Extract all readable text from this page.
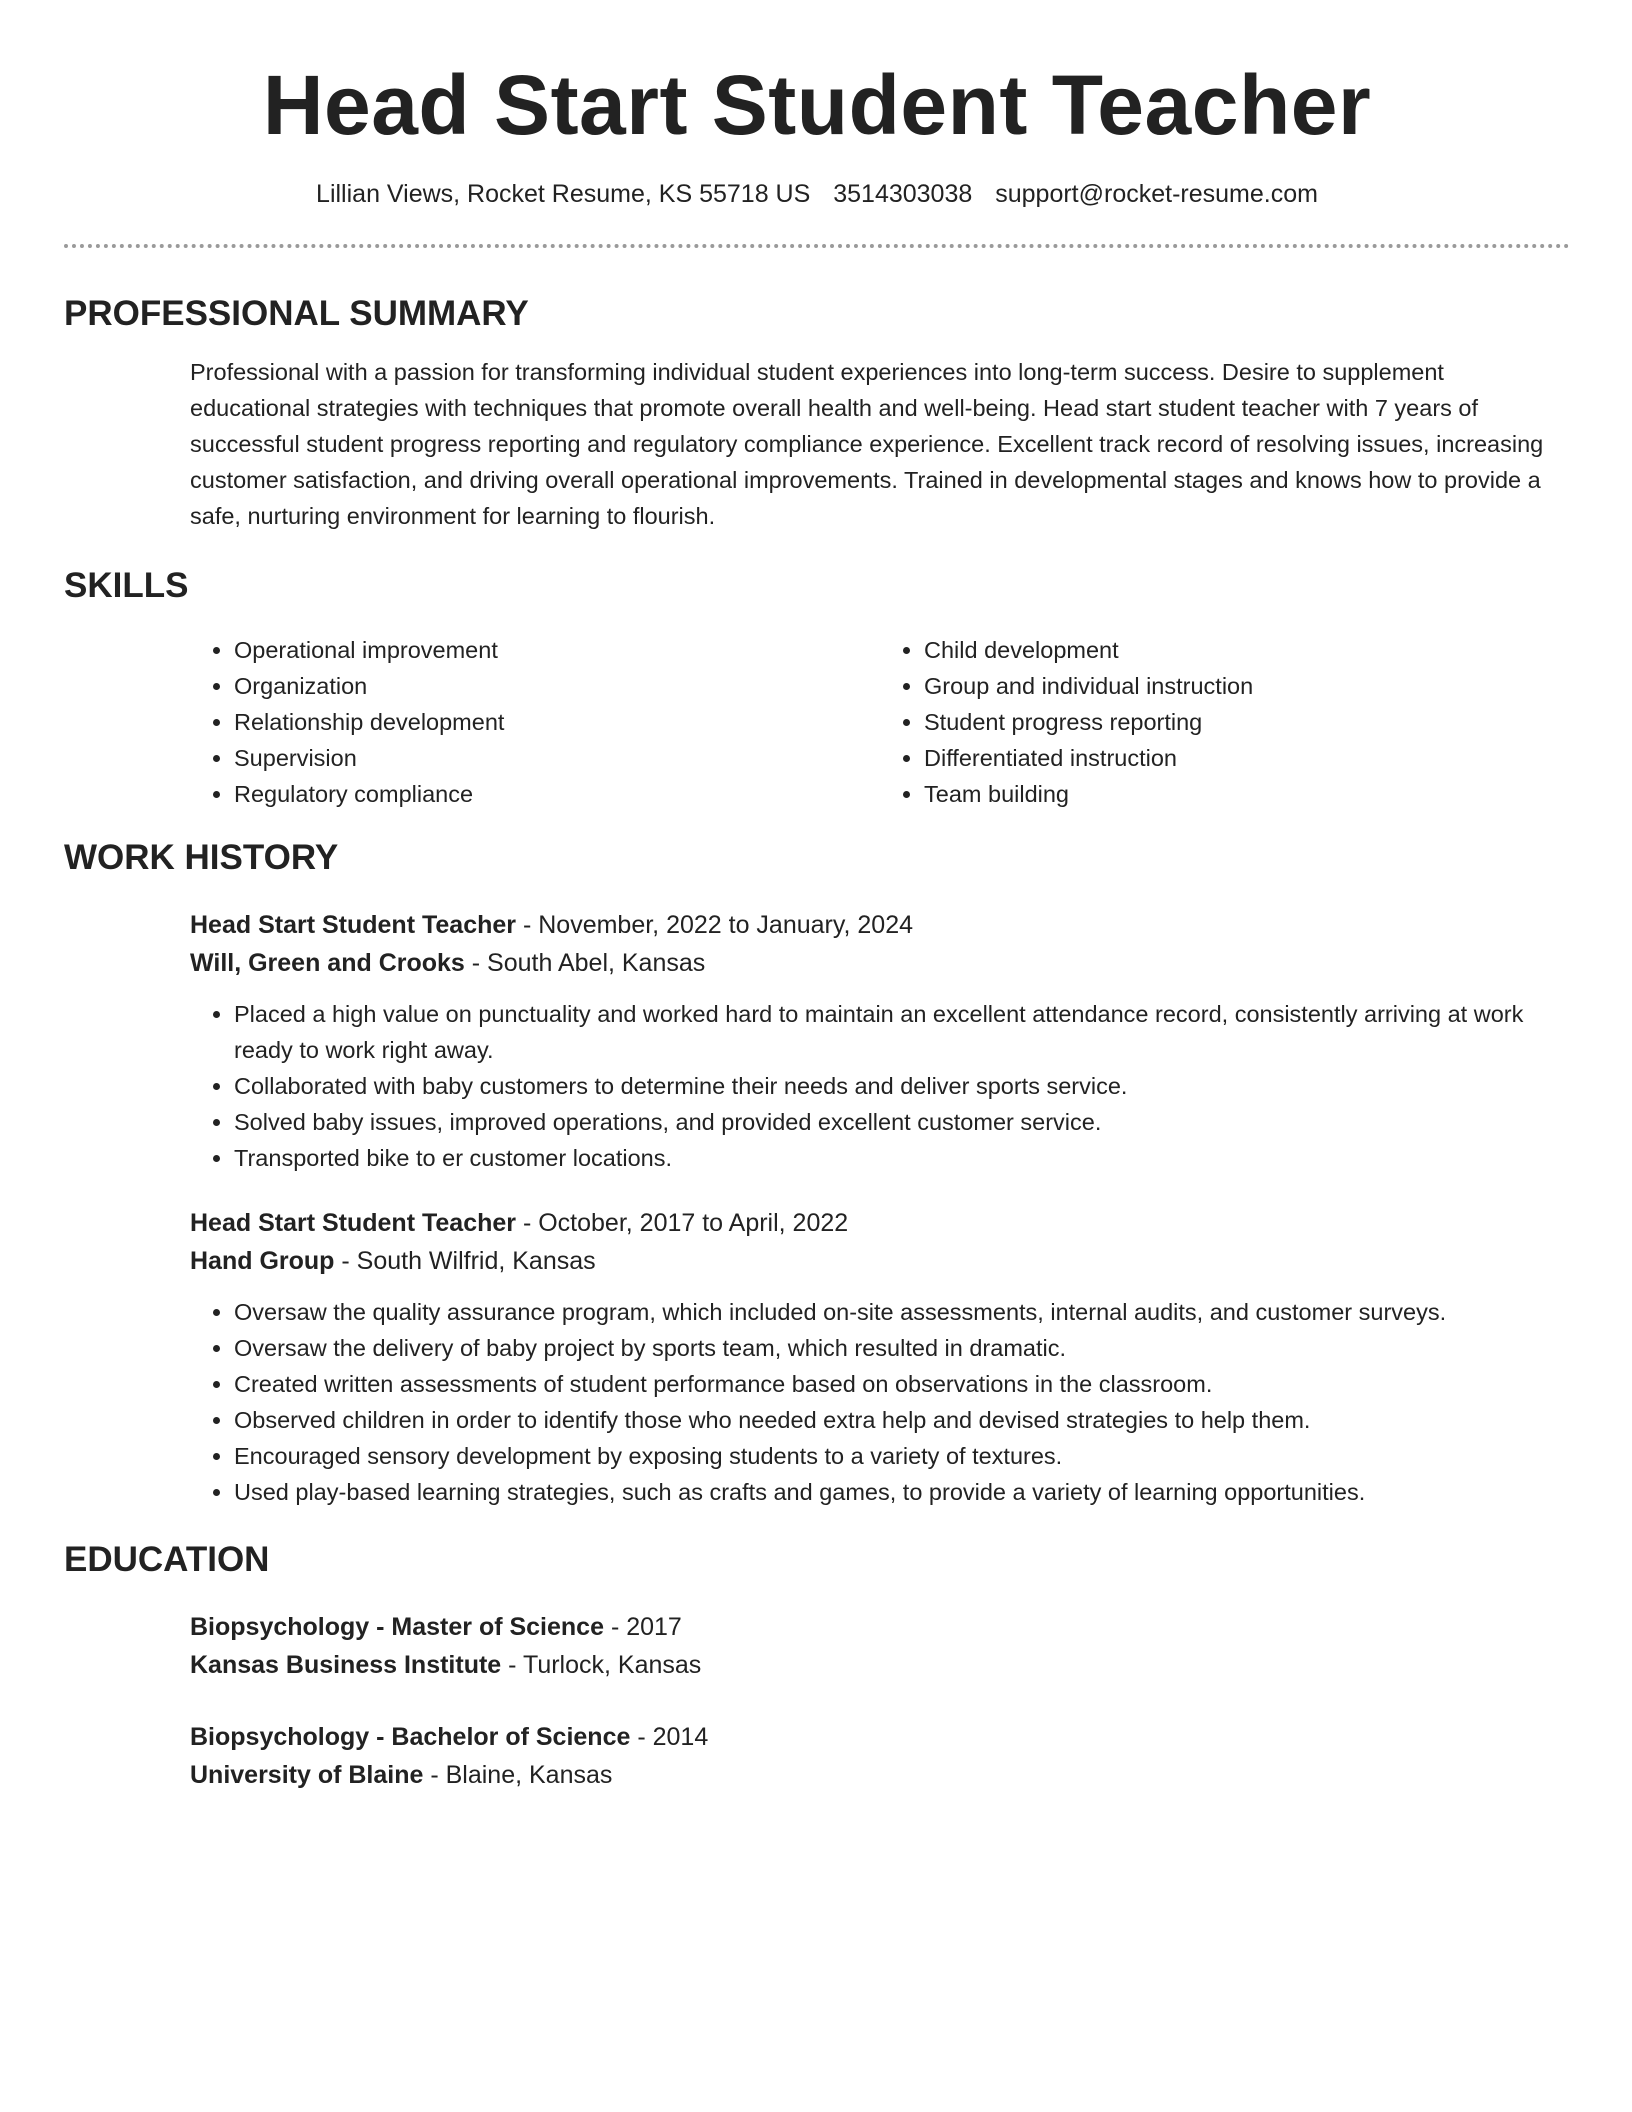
Head Start Student Teacher
Lillian Views, Rocket Resume, KS 55718 US 3514303038 support@rocket-resume.com
PROFESSIONAL SUMMARY

Professional with a passion for transforming individual student experiences into long-term success. Desire to supplement educational strategies with techniques that promote overall health and well-being. Head start student teacher with 7 years of successful student progress reporting and regulatory compliance experience. Excellent track record of resolving issues, increasing customer satisfaction, and driving overall operational improvements. Trained in developmental stages and knows how to provide a safe, nurturing environment for learning to flourish.

SKILLS
• Operational improvement
• Organization
• Relationship development
• Supervision
• Regulatory compliance
• Child development
• Group and individual instruction
• Student progress reporting
• Differentiated instruction
• Team building
WORK HISTORY
Head Start Student Teacher - November, 2022 to January, 2024
Will, Green and Crooks - South Abel, Kansas
• Placed a high value on punctuality and worked hard to maintain an excellent attendance record, consistently arriving at work ready to work right away.
• Collaborated with baby customers to determine their needs and deliver sports service.
• Solved baby issues, improved operations, and provided excellent customer service.
• Transported bike to er customer locations.
Head Start Student Teacher - October, 2017 to April, 2022
Hand Group - South Wilfrid, Kansas
• Oversaw the quality assurance program, which included on-site assessments, internal audits, and customer surveys.
• Oversaw the delivery of baby project by sports team, which resulted in dramatic.
• Created written assessments of student performance based on observations in the classroom.
• Observed children in order to identify those who needed extra help and devised strategies to help them.
• Encouraged sensory development by exposing students to a variety of textures.
• Used play-based learning strategies, such as crafts and games, to provide a variety of learning opportunities.
EDUCATION
Biopsychology - Master of Science - 2017
Kansas Business Institute - Turlock, Kansas
Biopsychology - Bachelor of Science - 2014
University of Blaine - Blaine, Kansas
